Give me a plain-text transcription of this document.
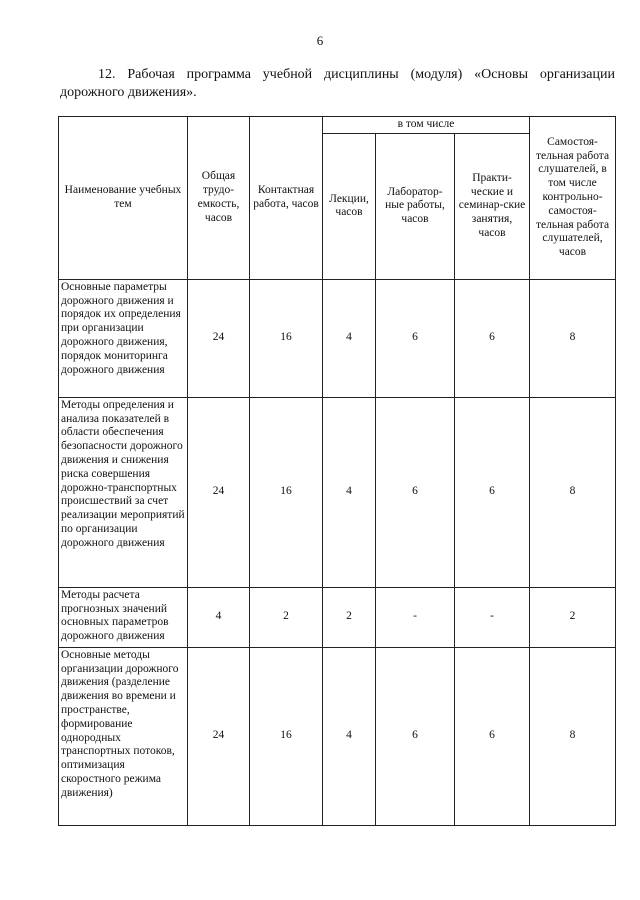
6
12. Рабочая программа учебной дисциплины (модуля) «Основы организации дорожного движения».
Наименование учебных тем	Общая трудо-емкость, часов	Контактная работа, часов	в том числе			Самостоя-тельная работа слушателей, в том числе контрольно-самостоя-тельная работа слушателей, часов
			Лекции, часов	Лаборатор-ные работы, часов	Практи-ческие и семинар-ские занятия, часов	
Основные параметры дорожного движения и порядок их определения при организации дорожного движения, порядок мониторинга дорожного движения	24	16	4	6	6	8
Методы определения и анализа показателей в области обеспечения безопасности дорожного движения и снижения риска совершения дорожно-транспортных происшествий за счет реализации мероприятий по организации дорожного движения	24	16	4	6	6	8
Методы расчета прогнозных значений основных параметров дорожного движения	4	2	2	-	-	2
Основные методы организации дорожного движения (разделение движения во времени и пространстве, формирование однородных транспортных потоков, оптимизация скоростного режима движения)	24	16	4	6	6	8
